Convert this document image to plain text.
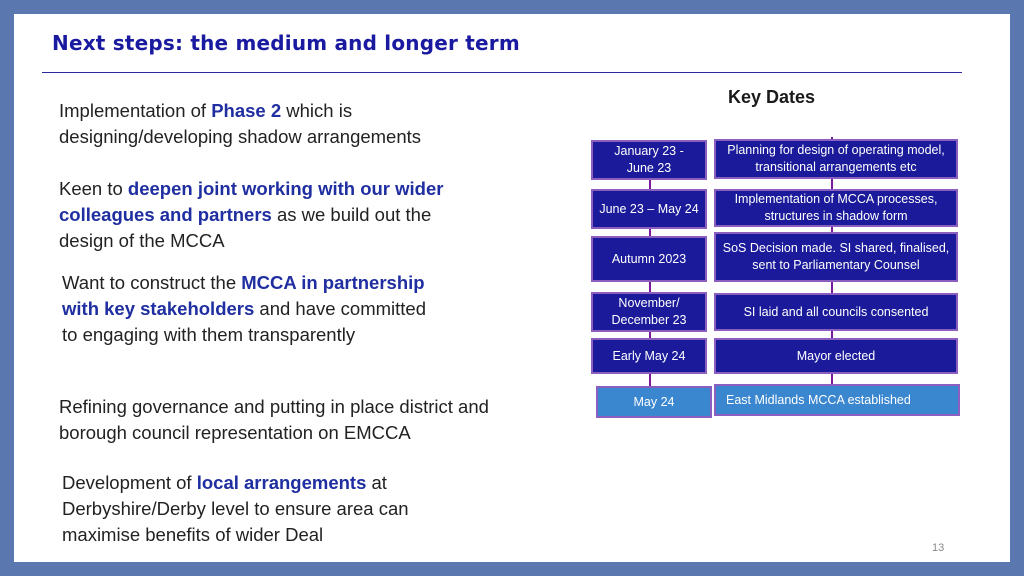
Next steps: the medium and longer term
Implementation of Phase 2 which is designing/developing shadow arrangements
Keen to deepen joint working with our wider colleagues and partners as we build out the design of the MCCA
Want to construct the MCCA in partnership with key stakeholders and have committed to engaging with them transparently
Refining governance and putting in place district and borough council representation on EMCCA
Development of local arrangements at Derbyshire/Derby level to ensure area can maximise benefits of wider Deal
Key Dates
January 23 - June 23
June 23 – May 24
Autumn 2023
November/ December 23
Early May 24
May 24
Planning for design of operating model, transitional arrangements etc
Implementation of MCCA processes, structures in shadow form
SoS Decision made. SI shared, finalised, sent to Parliamentary Counsel
SI laid and all councils consented
Mayor elected
East Midlands MCCA established
13
